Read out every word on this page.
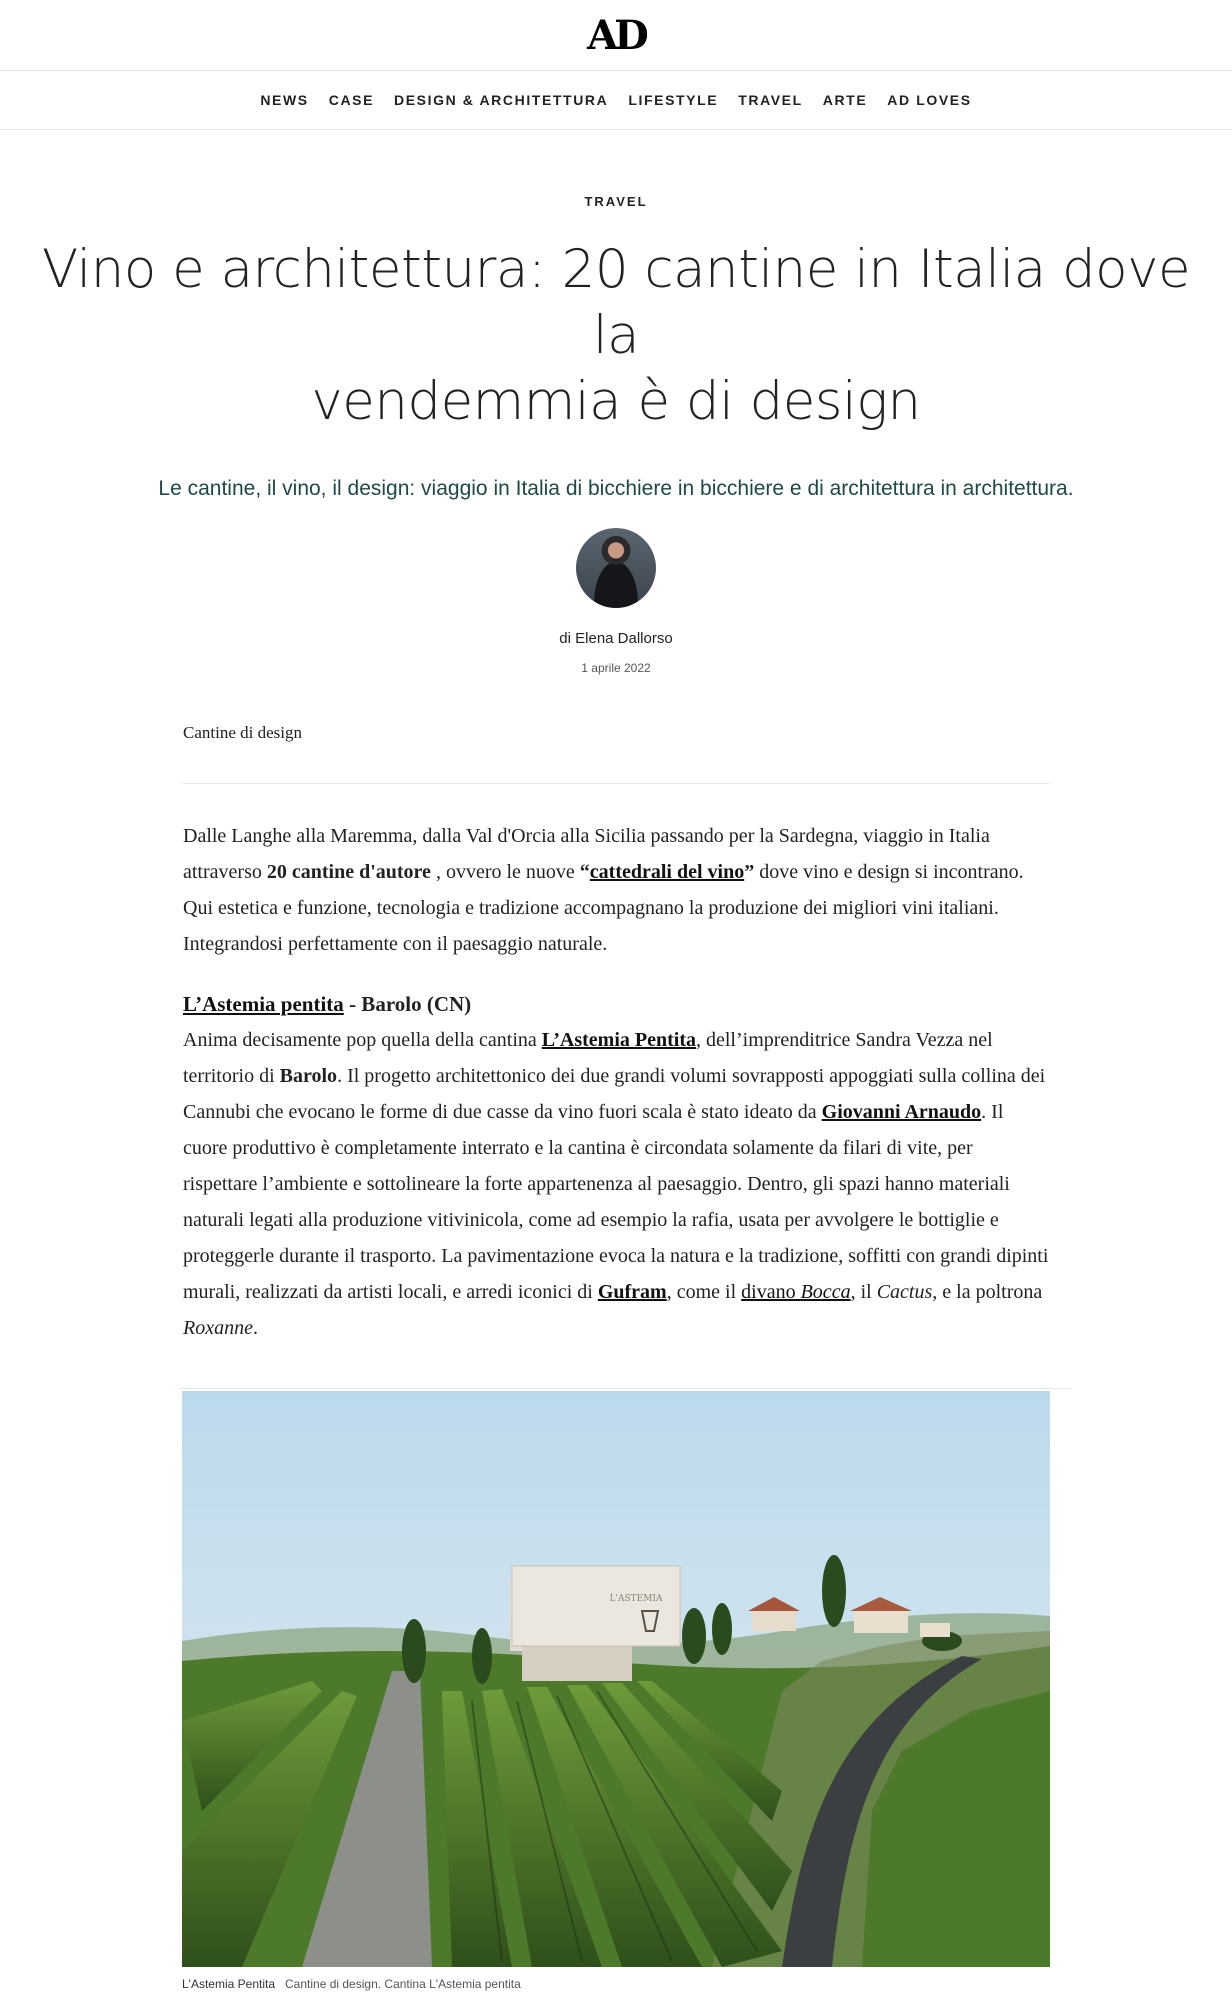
AD
NEWS CASE DESIGN & ARCHITETTURA LIFESTYLE TRAVEL ARTE AD LOVES
TRAVEL
Vino e architettura: 20 cantine in Italia dove la
vendemmia è di design
Le cantine, il vino, il design: viaggio in Italia di bicchiere in bicchiere e di architettura in architettura.
di Elena Dallorso
1 aprile 2022
Cantine di design

Dalle Langhe alla Maremma, dalla Val d'Orcia alla Sicilia passando per la Sardegna, viaggio in Italia attraverso 20 cantine d'autore , ovvero le nuove “cattedrali del vino” dove vino e design si incontrano. Qui estetica e funzione, tecnologia e tradizione accompagnano la produzione dei migliori vini italiani. Integrandosi perfettamente con il paesaggio naturale.

L’Astemia pentita - Barolo (CN)

Anima decisamente pop quella della cantina L’Astemia Pentita, dell’imprenditrice Sandra Vezza nel territorio di Barolo. Il progetto architettonico dei due grandi volumi sovrapposti appoggiati sulla collina dei Cannubi che evocano le forme di due casse da vino fuori scala è stato ideato da Giovanni Arnaudo. Il cuore produttivo è completamente interrato e la cantina è circondata solamente da filari di vite, per rispettare l’ambiente e sottolineare la forte appartenenza al paesaggio. Dentro, gli spazi hanno materiali naturali legati alla produzione vitivinicola, come ad esempio la rafia, usata per avvolgere le bottiglie e proteggerle durante il trasporto. La pavimentazione evoca la natura e la tradizione, soffitti con grandi dipinti murali, realizzati da artisti locali, e arredi iconici di Gufram, come il divano Bocca, il Cactus, e la poltrona Roxanne.

L'ASTEMIA
L'Astemia Pentita Cantine di design. Cantina L'Astemia pentita
